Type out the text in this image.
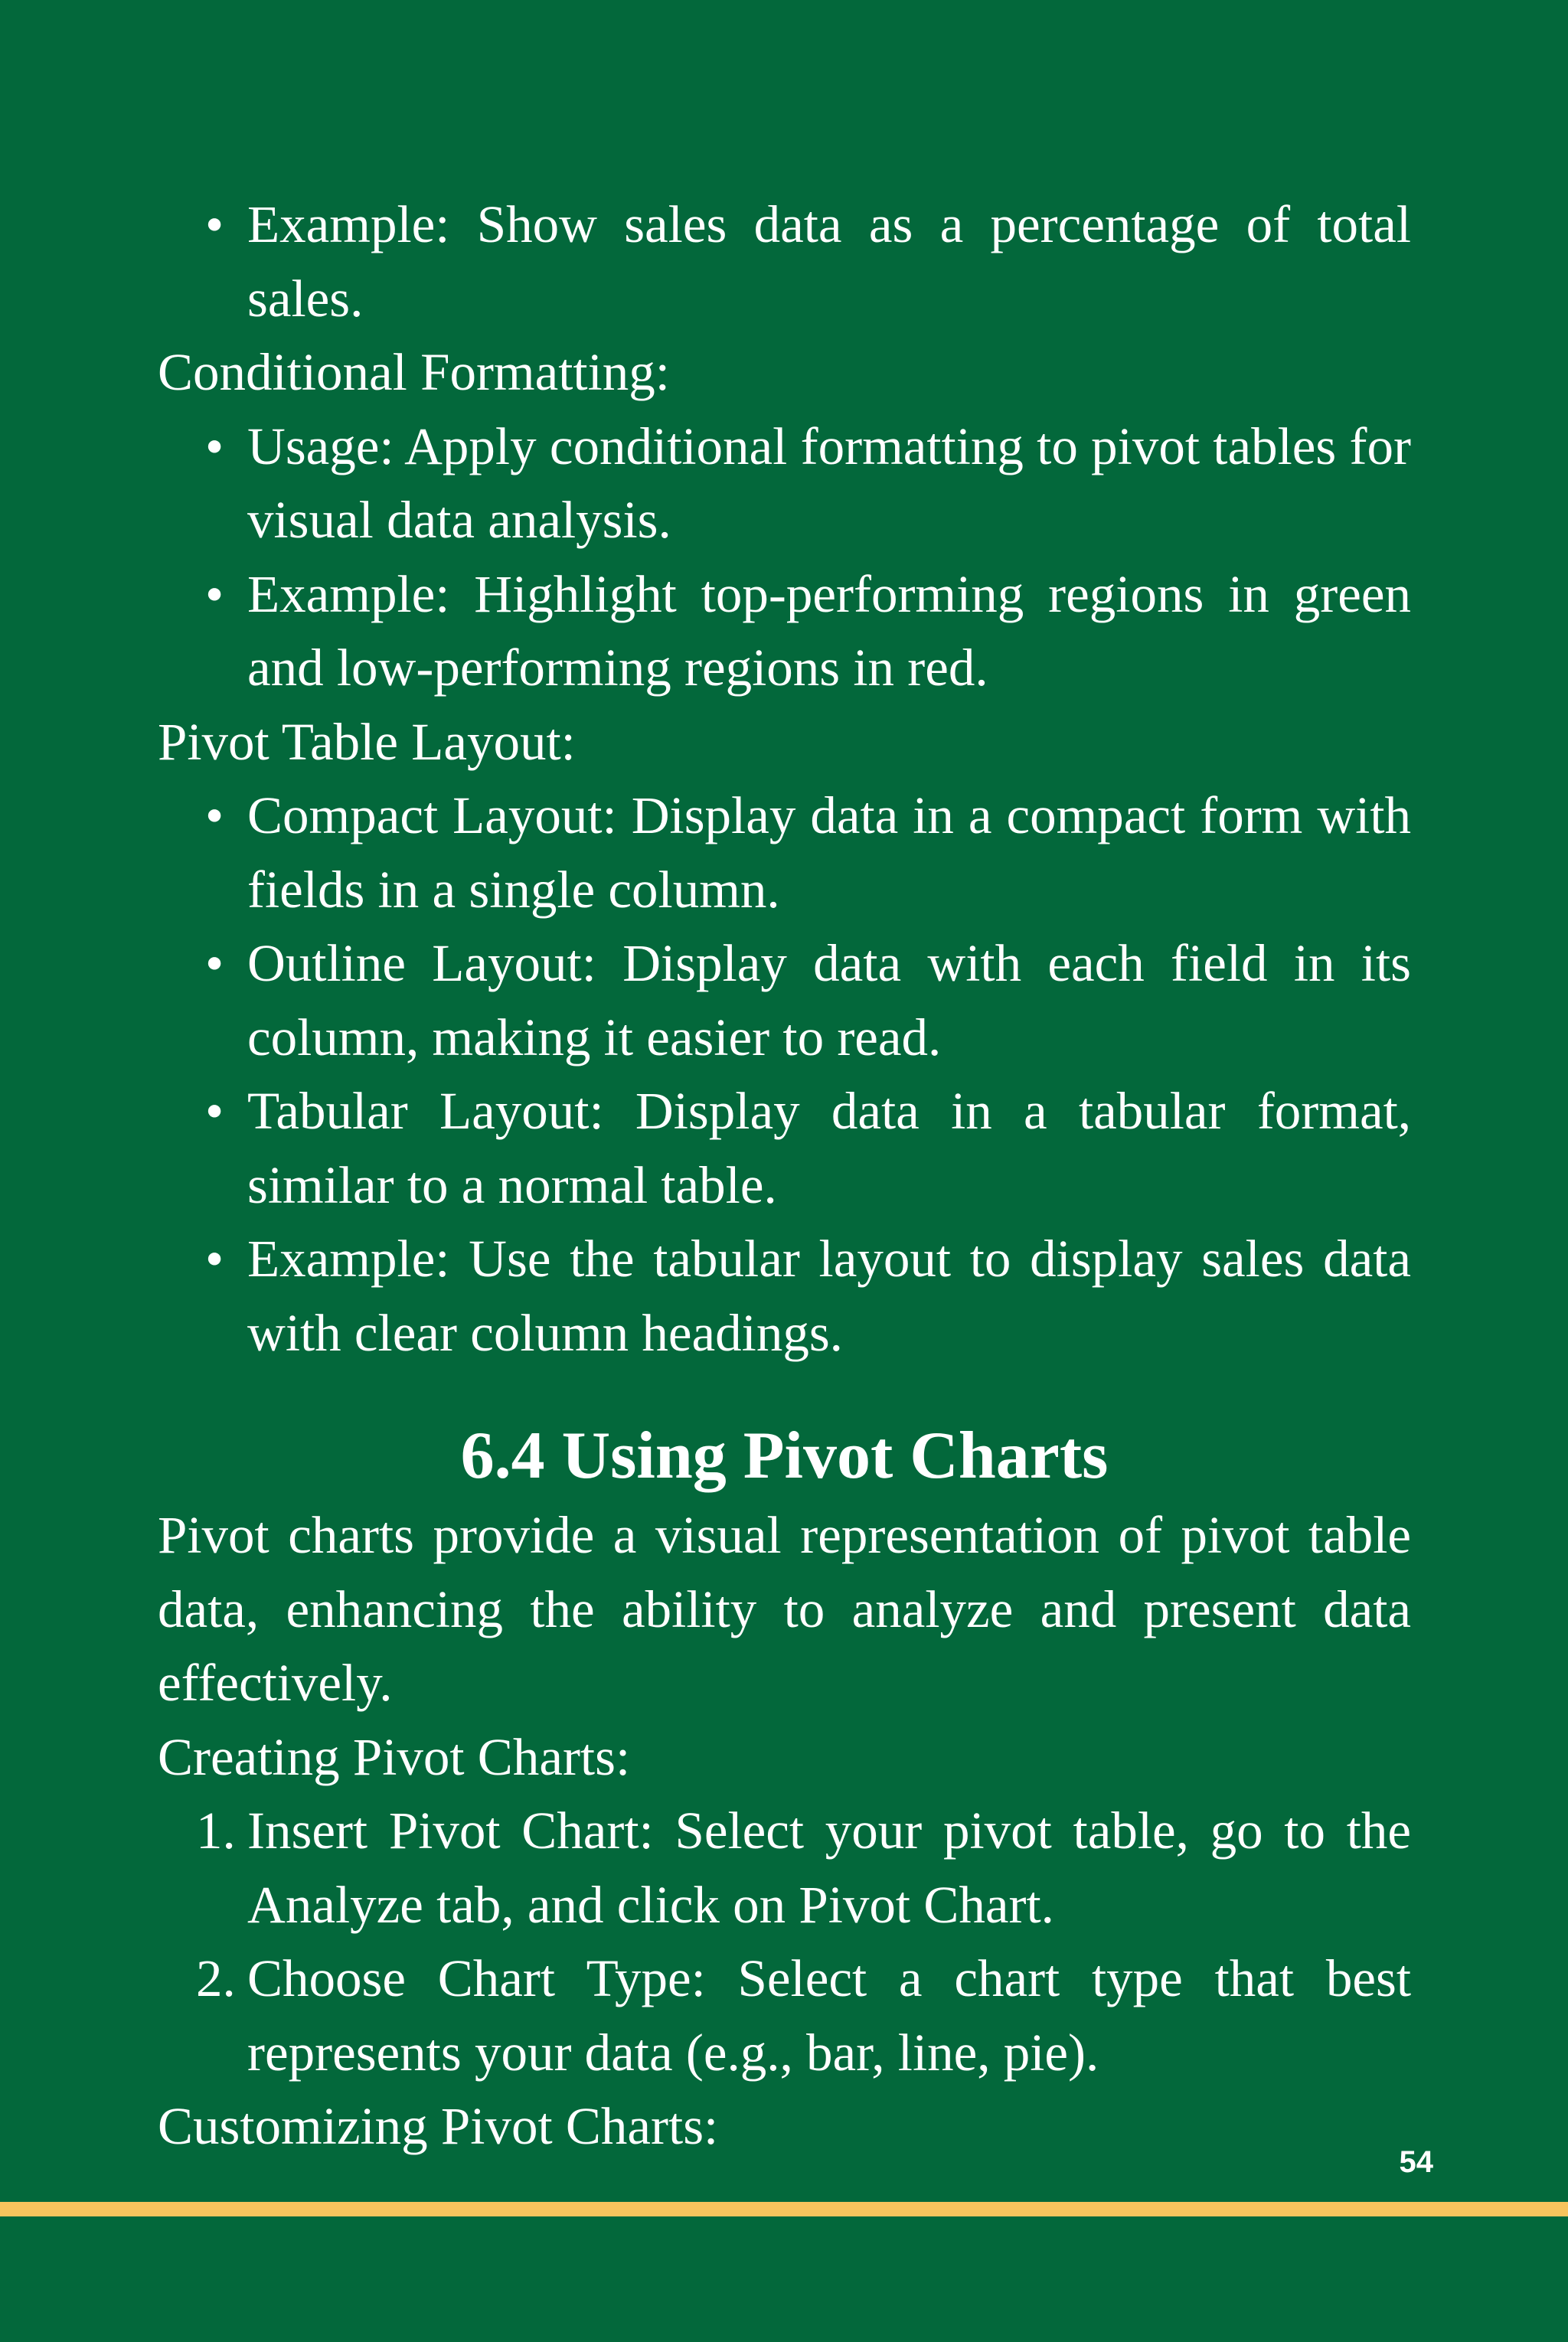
• Example: Show sales data as a percentage of total sales.

Conditional Formatting:

• Usage: Apply conditional formatting to pivot tables for visual data analysis.
• Example: Highlight top-performing regions in green and low-performing regions in red.

Pivot Table Layout:

• Compact Layout: Display data in a compact form with fields in a single column.
• Outline Layout: Display data with each field in its column, making it easier to read.
• Tabular Layout: Display data in a tabular format, similar to a normal table.
• Example: Use the tabular layout to display sales data with clear column headings.
6.4 Using Pivot Charts

Pivot charts provide a visual representation of pivot table data, enhancing the ability to analyze and present data effectively.

Creating Pivot Charts:

1. Insert Pivot Chart: Select your pivot table, go to the Analyze tab, and click on Pivot Chart.
2. Choose Chart Type: Select a chart type that best represents your data (e.g., bar, line, pie).

Customizing Pivot Charts:

54
